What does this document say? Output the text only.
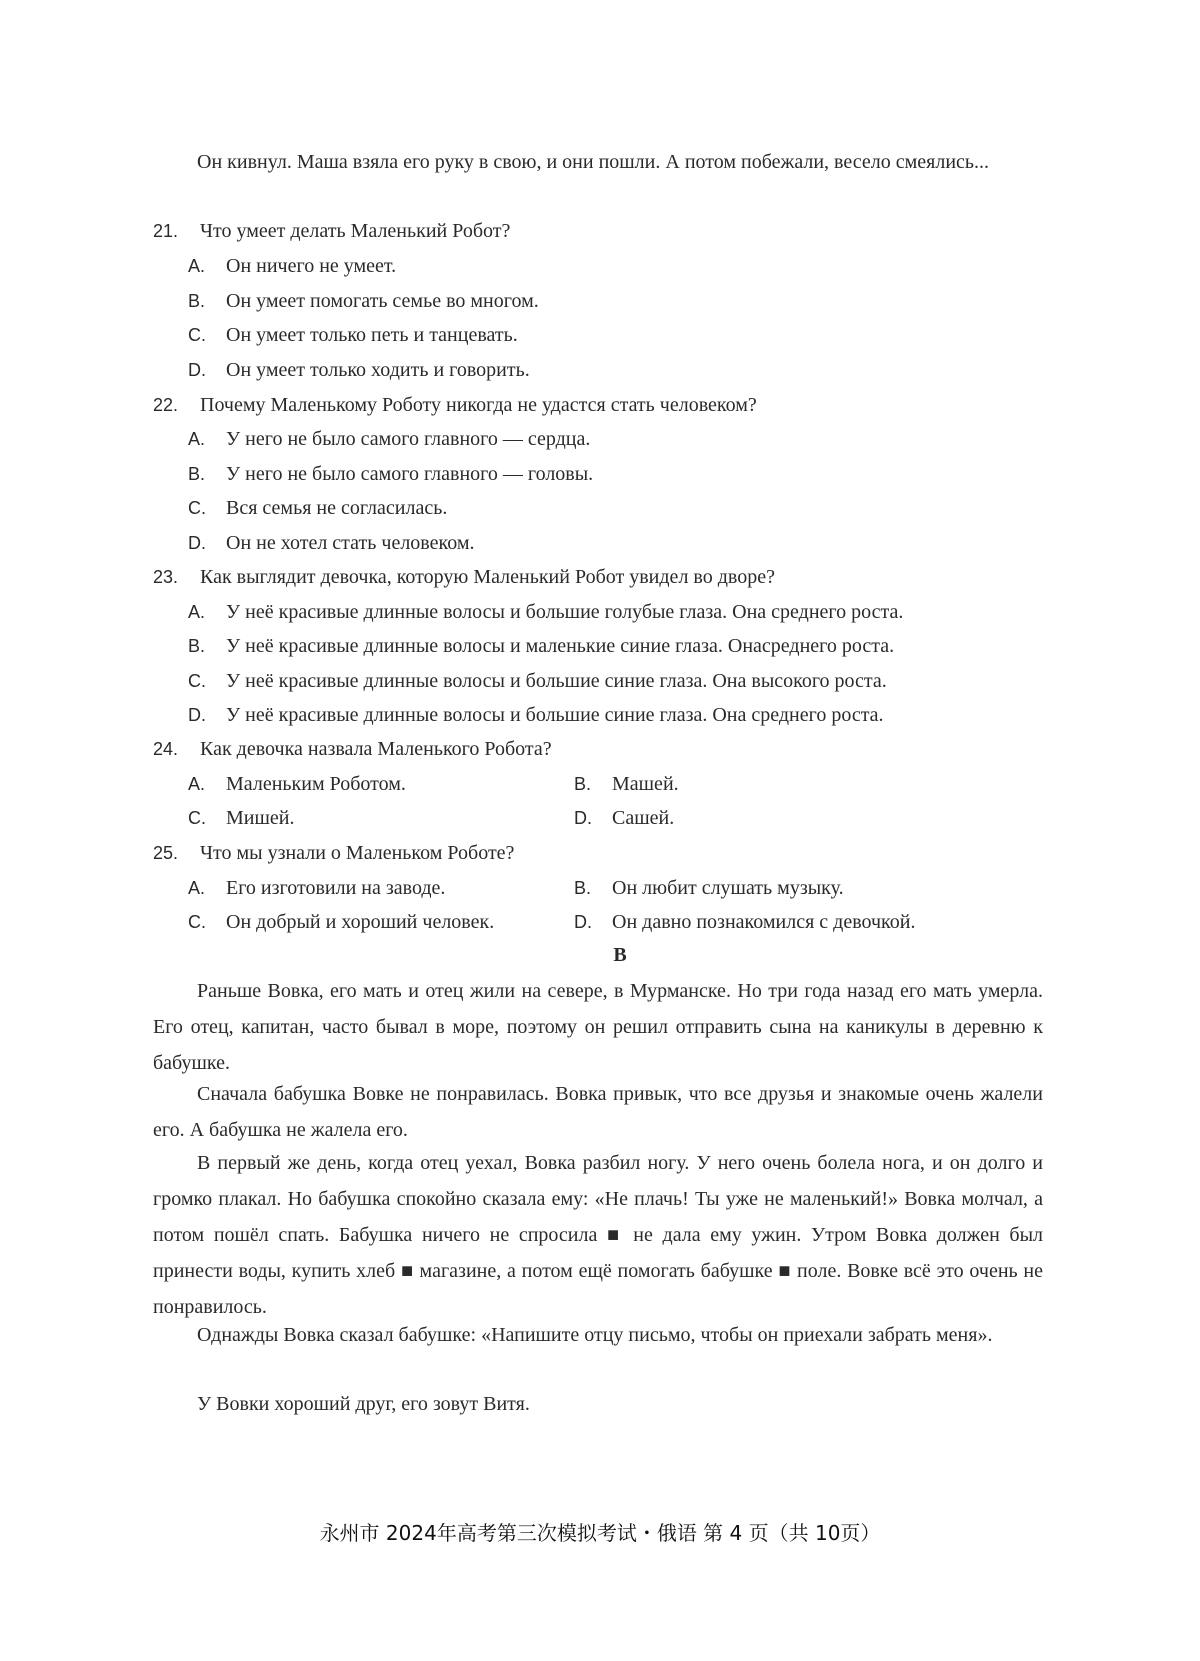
Он кивнул. Маша взяла его руку в свою, и они пошли. А потом побежали, весело смеялись...

21. Что умеет делать Маленький Робот?
A. Он ничего не умеет.
B. Он умеет помогать семье во многом.
C. Он умеет только петь и танцевать.
D. Он умеет только ходить и говорить.
22. Почему Маленькому Роботу никогда не удастся стать человеком?
A. У него не было самого главного — сердца.
B. У него не было самого главного — головы.
C. Вся семья не согласилась.
D. Он не хотел стать человеком.
23. Как выглядит девочка, которую Маленький Робот увидел во дворе?
A. У неё красивые длинные волосы и большие голубые глаза. Она среднего роста.
B. У неё красивые длинные волосы и маленькие синие глаза. Онасреднего роста.
C. У неё красивые длинные волосы и большие синие глаза. Она высокого роста.
D. У неё красивые длинные волосы и большие синие глаза. Она среднего роста.
24. Как девочка назвала Маленького Робота?
A. Маленьким Роботом.	B. Машей.
C. Мишей.	D. Сашей.
25. Что мы узнали о Маленьком Роботе?
A. Его изготовили на заводе.	B. Он любит слушать музыку.
C. Он добрый и хороший человек.	D. Он давно познакомился с девочкой.
B

Раньше Вовка, его мать и отец жили на севере, в Мурманске. Но три года назад его мать умерла. Его отец, капитан, часто бывал в море, поэтому он решил отправить сына на каникулы в деревню к бабушке.

Сначала бабушка Вовке не понравилась. Вовка привык, что все друзья и знакомые очень жалели его. А бабушка не жалела его.

В первый же день, когда отец уехал, Вовка разбил ногу. У него очень болела нога, и он долго и громко плакал. Но бабушка спокойно сказала ему: «Не плачь! Ты уже не маленький!» Вовка молчал, а потом пошёл спать. Бабушка ничего не спросила ■ не дала ему ужин. Утром Вовка должен был принести воды, купить хлеб ■ магазине, а потом ещё помогать бабушке ■ поле. Вовке всё это очень не понравилось.

Однажды Вовка сказал бабушке: «Напишите отцу письмо, чтобы он приехали забрать меня».

У Вовки хороший друг, его зовут Витя.

永州市 2024年高考第三次模拟考试・俄语 第 4 页（共 10页）
